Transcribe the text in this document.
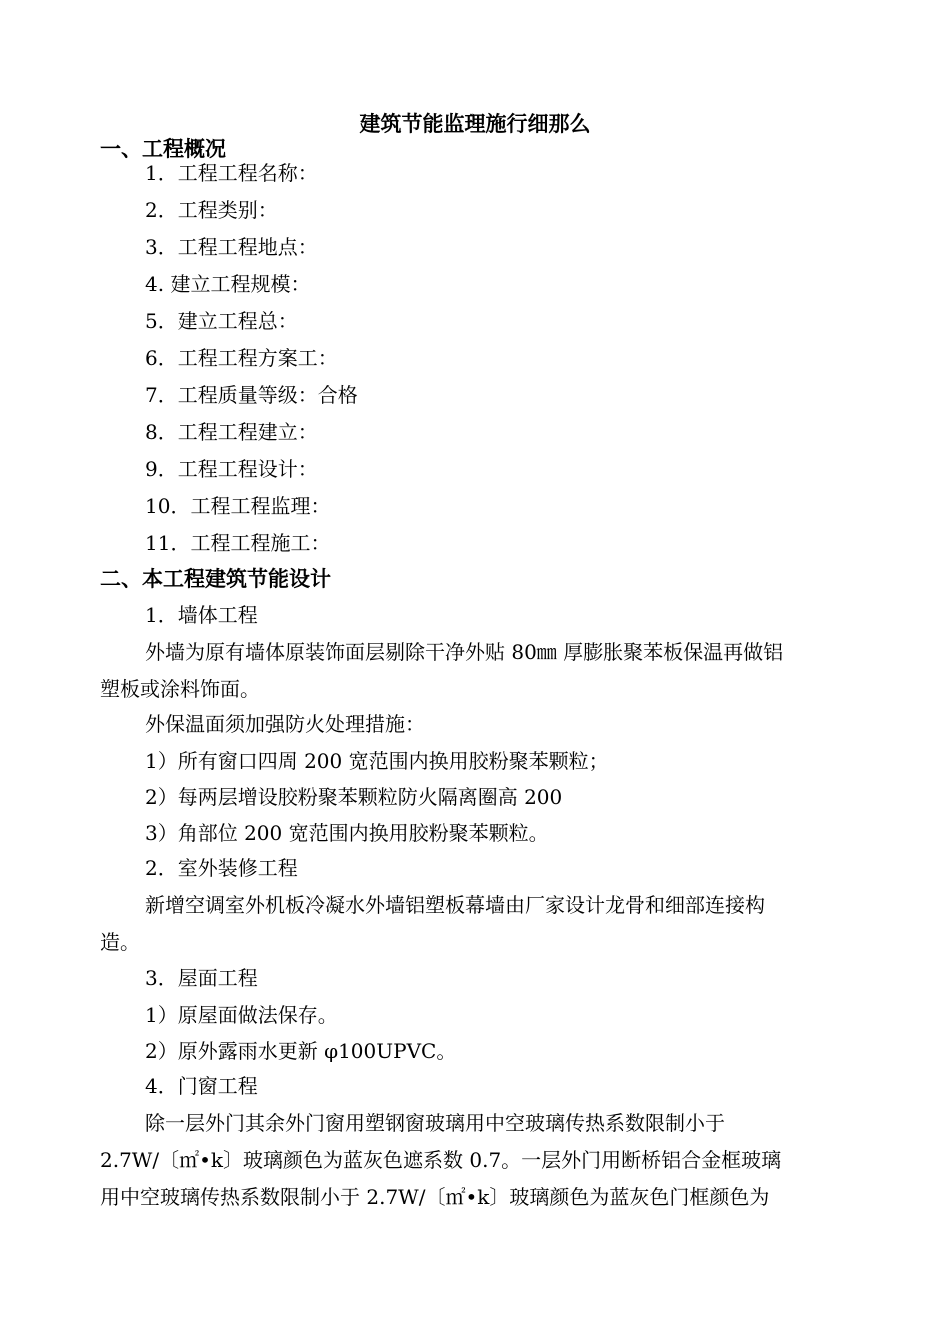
建筑节能监理施行细那么

一、工程概况

1．工程工程名称：

2．工程类别：

3．工程工程地点：

4. 建立工程规模：

5．建立工程总：

6．工程工程方案工：

7．工程质量等级：合格

8．工程工程建立：

9．工程工程设计：

10．工程工程监理：

11．工程工程施工：

二、本工程建筑节能设计

1．墙体工程

外墙为原有墙体原装饰面层剔除干净外贴 80㎜ 厚膨胀聚苯板保温再做铝

塑板或涂料饰面。

外保温面须加强防火处理措施：

1）所有窗口四周 200 宽范围内换用胶粉聚苯颗粒；

2）每两层增设胶粉聚苯颗粒防火隔离圈高 200

3）角部位 200 宽范围内换用胶粉聚苯颗粒。

2．室外装修工程

新增空调室外机板冷凝水外墙铝塑板幕墙由厂家设计龙骨和细部连接构

造。

3．屋面工程

1）原屋面做法保存。

2）原外露雨水更新 φ100UPVC。

4．门窗工程

除一层外门其余外门窗用塑钢窗玻璃用中空玻璃传热系数限制小于

2.7W/〔㎡•k〕玻璃颜色为蓝灰色遮系数 0.7。一层外门用断桥铝合金框玻璃

用中空玻璃传热系数限制小于 2.7W/〔㎡•k〕玻璃颜色为蓝灰色门框颜色为
